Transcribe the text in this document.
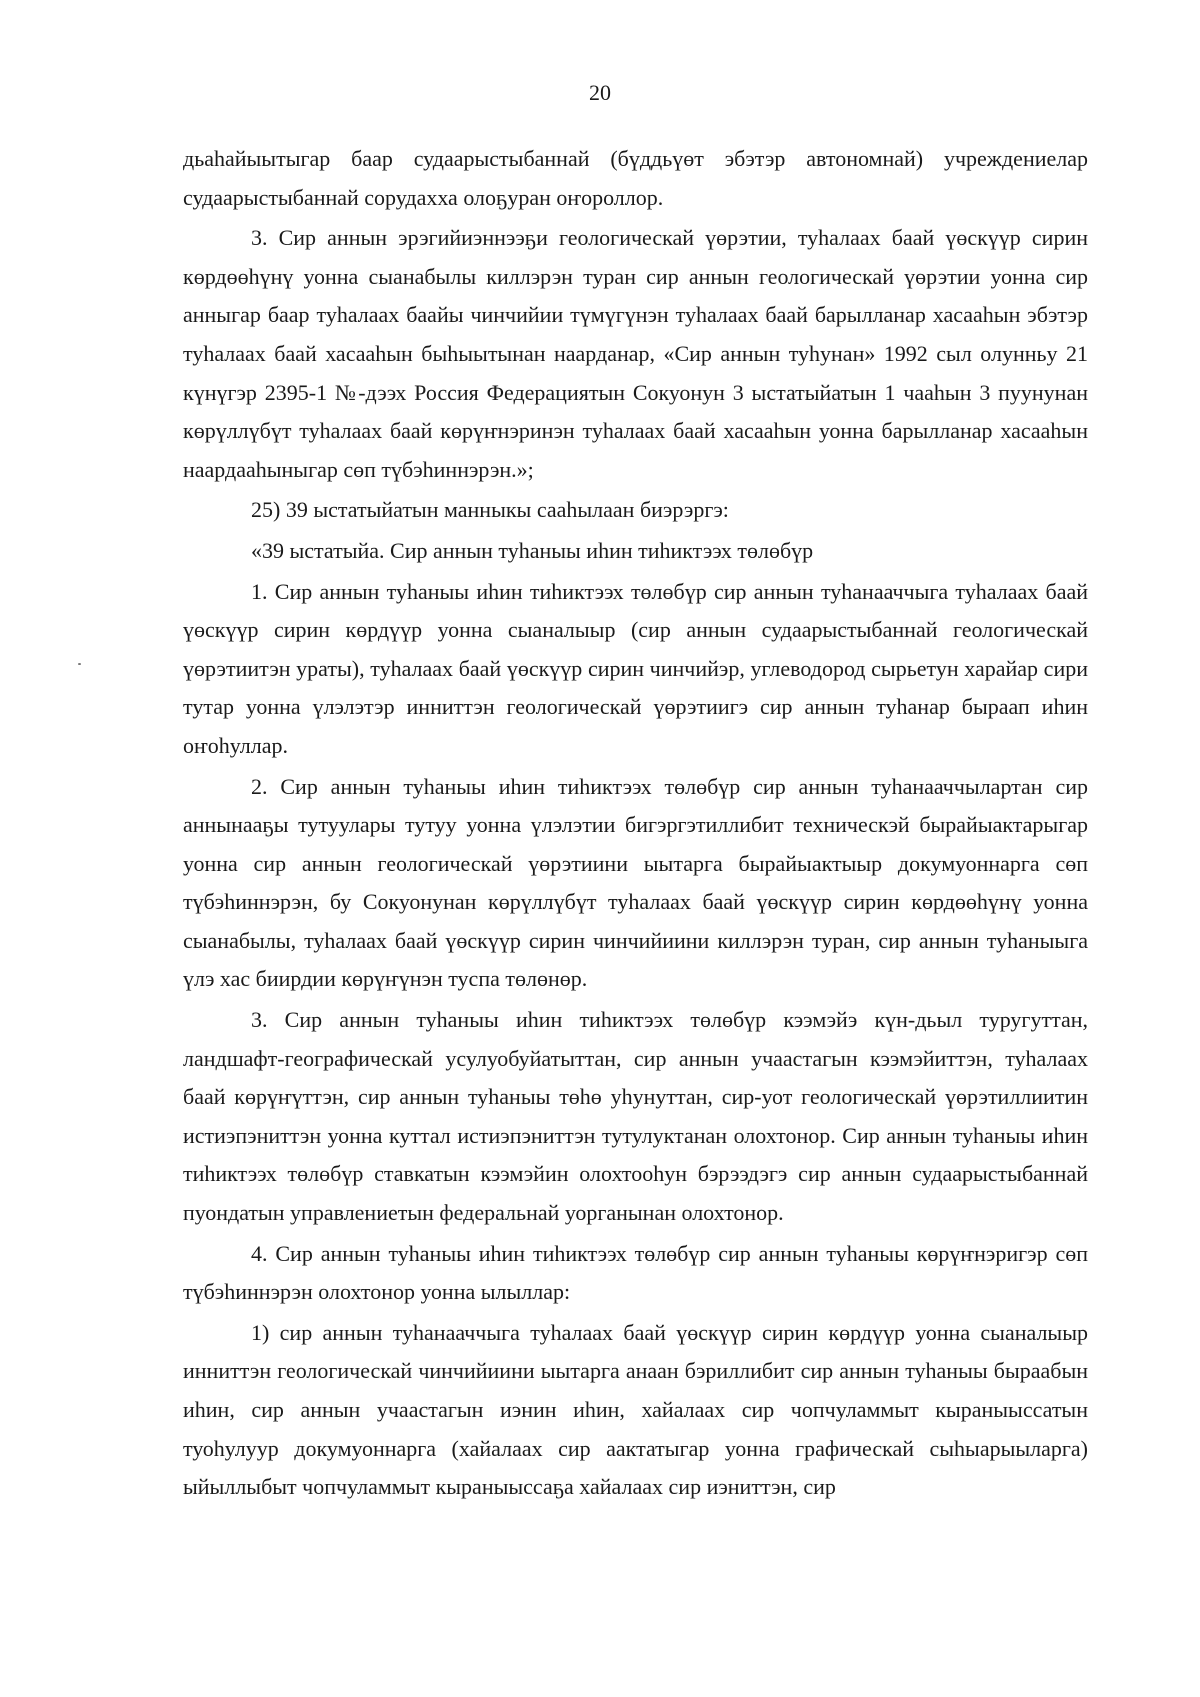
20

дьаһайыытыгар баар судаарыстыбаннай (бүддьүөт эбэтэр автономнай) учреждениелар судаарыстыбаннай сорудахха олоҕуран оҥороллор.

3. Сир аннын эрэгийиэннээҕи геологическай үөрэтии, туһалаах баай үөскүүр сирин көрдөөһүнү уонна сыанабылы киллэрэн туран сир аннын геологическай үөрэтии уонна сир анныгар баар туһалаах баайы чинчийии түмүгүнэн туһалаах баай барылланар хасааһын эбэтэр туһалаах баай хасааһын быһыытынан наарданар, «Сир аннын туһунан» 1992 сыл олунньу 21 күнүгэр 2395-1 №-дээх Россия Федерациятын Сокуонун 3 ыстатыйатын 1 чааһын 3 пуунунан көрүллүбүт туһалаах баай көрүҥнэринэн туһалаах баай хасааһын уонна барылланар хасааһын наардааһыныгар сөп түбэһиннэрэн.»;

25) 39 ыстатыйатын манныкы сааһылаан биэрэргэ:

«39 ыстатыйа. Сир аннын туһаныы иһин тиһиктээх төлөбүр

1. Сир аннын туһаныы иһин тиһиктээх төлөбүр сир аннын туһанааччыга туһалаах баай үөскүүр сирин көрдүүр уонна сыаналыыр (сир аннын судаарыстыбаннай геологическай үөрэтиитэн ураты), туһалаах баай үөскүүр сирин чинчийэр, углеводород сырьетун харайар сири тутар уонна үлэлэтэр инниттэн геологическай үөрэтиигэ сир аннын туһанар быраап иһин оҥоһуллар.

2. Сир аннын туһаныы иһин тиһиктээх төлөбүр сир аннын туһанааччылартан сир аннынааҕы тутуулары тутуу уонна үлэлэтии бигэргэтиллибит техническэй бырайыактарыгар уонна сир аннын геологическай үөрэтиини ыытарга бырайыактыыр докумуоннарга сөп түбэһиннэрэн, бу Сокуонунан көрүллүбүт туһалаах баай үөскүүр сирин көрдөөһүнү уонна сыанабылы, туһалаах баай үөскүүр сирин чинчийиини киллэрэн туран, сир аннын туһаныыга үлэ хас биирдии көрүҥүнэн туспа төлөнөр.

3. Сир аннын туһаныы иһин тиһиктээх төлөбүр кээмэйэ күн-дьыл туругуттан, ландшафт-географическай усулуобуйатыттан, сир аннын учаастагын кээмэйиттэн, туһалаах баай көрүҥүттэн, сир аннын туһаныы төһө уһунуттан, сир-уот геологическай үөрэтиллиитин истиэпэниттэн уонна куттал истиэпэниттэн тутулуктанан олохтонор. Сир аннын туһаныы иһин тиһиктээх төлөбүр ставкатын кээмэйин олохтооһун бэрээдэгэ сир аннын судаарыстыбаннай пуондатын управлениетын федеральнай уорганынан олохтонор.

4. Сир аннын туһаныы иһин тиһиктээх төлөбүр сир аннын туһаныы көрүҥнэригэр сөп түбэһиннэрэн олохтонор уонна ылыллар:

1) сир аннын туһанааччыга туһалаах баай үөскүүр сирин көрдүүр уонна сыаналыыр инниттэн геологическай чинчийиини ыытарга анаан бэриллибит сир аннын туһаныы быраабын иһин, сир аннын учаастагын иэнин иһин, хайалаах сир чопчуламмыт кыраныыссатын туоһулуур докумуоннарга (хайалаах сир аактатыгар уонна графическай сыһыарыыларга) ыйыллыбыт чопчуламмыт кыраныыссаҕа хайалаах сир иэниттэн, сир
